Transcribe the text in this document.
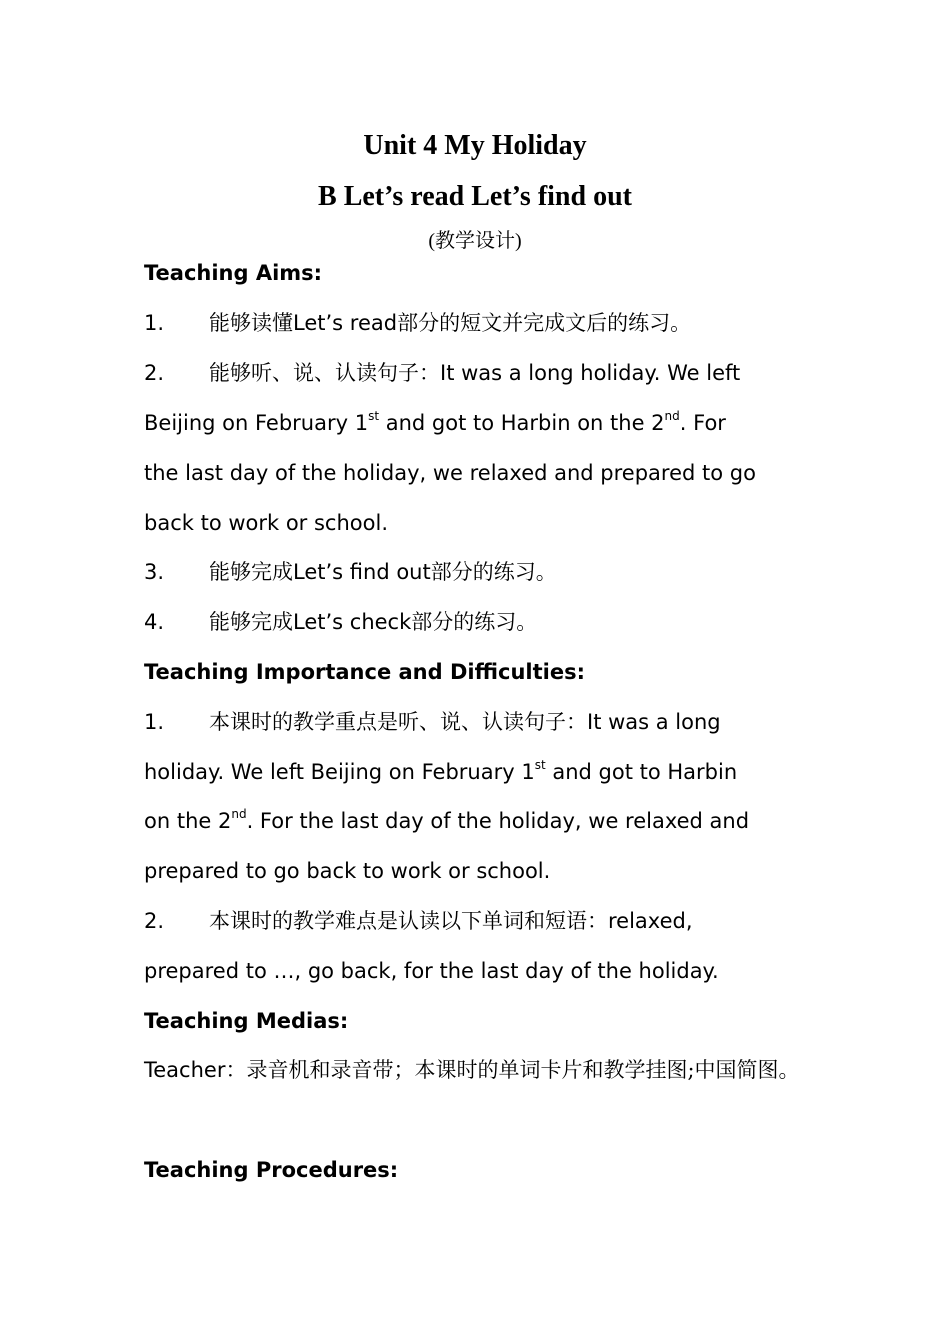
Unit 4 My Holiday
B Let’s read Let’s find out
(教学设计)
Teaching Aims:
1. 能够读懂Let’s read部分的短文并完成文后的练习。
2. 能够听、说、认读句子：It was a long holiday. We left
Beijing on February 1st and got to Harbin on the 2nd. For
the last day of the holiday, we relaxed and prepared to go
back to work or school.
3. 能够完成Let’s find out部分的练习。
4. 能够完成Let’s check部分的练习。
Teaching Importance and Difficulties:
1. 本课时的教学重点是听、说、认读句子：It was a long
holiday. We left Beijing on February 1st and got to Harbin
on the 2nd. For the last day of the holiday, we relaxed and
prepared to go back to work or school.
2. 本课时的教学难点是认读以下单词和短语：relaxed,
prepared to …, go back, for the last day of the holiday.
Teaching Medias:
Teacher：录音机和录音带；本课时的单词卡片和教学挂图;中国简图。
Teaching Procedures:
